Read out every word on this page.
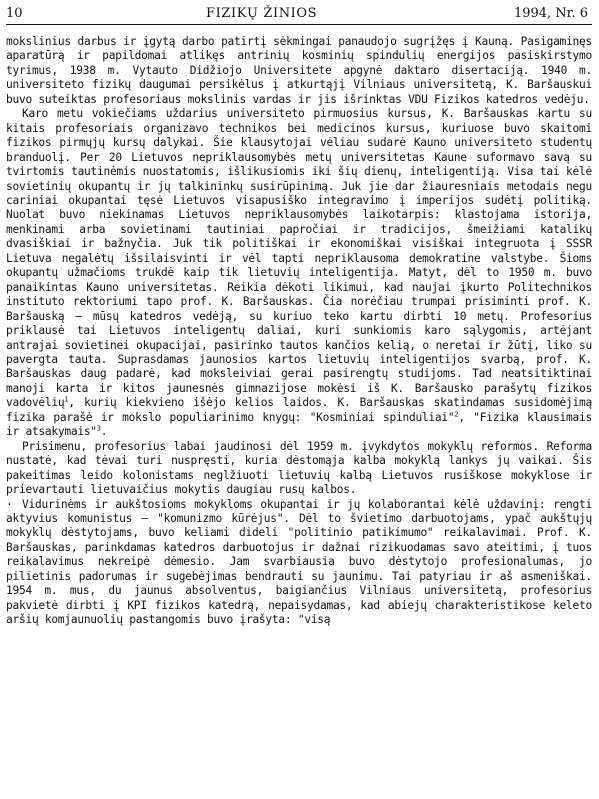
10	FIZIKŲ ŽINIOS	1994, Nr. 6

mokslinius darbus ir įgytą darbo patirtį sėkmingai panaudojo sugrįžęs į Kauną. Pasigaminęs aparatūrą ir papildomai atlikęs antrinių kosminių spindulių energijos pasiskirstymo tyrimus, 1938 m. Vytauto Didžiojo Universitete apgynė daktaro disertaciją. 1940 m. universiteto fizikų daugumai persikėlus į atkurtąjį Vilniaus universitetą, K. Baršauskui buvo suteiktas profesoriaus mokslinis vardas ir jis išrinktas VDU Fizikos katedros vedėju.

Karo metu vokiečiams uždarius universiteto pirmuosius kursus, K. Baršauskas kartu su kitais profesoriais organizavo technikos bei medicinos kursus, kuriuose buvo skaitomi fizikos pirmųjų kursų dalykai. Šie klausytojai vėliau sudarė Kauno universiteto studentų branduolį. Per 20 Lietuvos nepriklausomybės metų universitetas Kaune suformavo savą su tvirtomis tautinėmis nuostatomis, išlikusiomis iki šių dienų, inteligentiją. Visa tai kėlė sovietinių okupantų ir jų talkininkų susirūpinimą. Juk jie dar žiauresniais metodais negu cariniai okupantai tęsė Lietuvos visapusiško integravimo į imperijos sudėtį politiką. Nuolat buvo niekinamas Lietuvos nepriklausomybės laikotarpis: klastojama istorija, menkinami arba sovietinami tautiniai papročiai ir tradicijos, šmeižiami katalikų dvasiškiai ir bažnyčia. Juk tik politiškai ir ekonomiškai visiškai integruota į SSSR Lietuva negalėtų išsilaisvinti ir vėl tapti nepriklausoma demokratine valstybe. Šioms okupantų užmačioms trukdė kaip tik lietuvių inteligentija. Matyt, dėl to 1950 m. buvo panaikintas Kauno universitetas. Reikia dėkoti likimui, kad naujai įkurto Politechnikos instituto rektoriumi tapo prof. K. Baršauskas. Čia norėčiau trumpai prisiminti prof. K. Baršauską – mūsų katedros vedėją, su kuriuo teko kartu dirbti 10 metų. Profesorius priklausė tai Lietuvos inteligentų daliai, kuri sunkiomis karo sąlygomis, artėjant antrajai sovietinei okupacijai, pasirinko tautos kančios kelią, o neretai ir žūtį, liko su pavergta tauta. Suprasdamas jaunosios kartos lietuvių inteligentijos svarbą, prof. K. Baršauskas daug padarė, kad moksleiviai gerai pasirengtų studijoms. Tad neatsitiktinai manoji karta ir kitos jaunesnės gimnazijose mokėsi iš K. Baršausko parašytų fizikos vadovėlių$^1$, kurių kiekvieno išėjo kelios laidos. K. Baršauskas skatindamas susidomėjimą fizika parašė ir mokslo populiarinimo knygų: "Kosminiai spinduliai"$^2$, "Fizika klausimais ir atsakymais"$^3$.

Prisimenu, profesorius labai jaudinosi dėl 1959 m. įvykdytos mokyklų reformos. Reforma nustatė, kad tėvai turi nuspręsti, kuria dėstomąja kalba mokyklą lankys jų vaikai. Šis pakeitimas leido kolonistams neglžiuoti lietuvių kalbą Lietuvos rusiškose mokyklose ir prievartauti lietuvaičius mokytis daugiau rusų kalbos.

· Vidurinėms ir aukštosioms mokykloms okupantai ir jų kolaborantai kėlė uždavinį: rengti aktyvius komunistus – "komunizmo kūrėjus". Dėl to švietimo darbuotojams, ypač aukštųjų mokyklų dėstytojams, buvo keliami dideli "politinio patikimumo" reikalavimai. Prof. K. Baršauskas, parinkdamas katedros darbuotojus ir dažnai rizikuodamas savo ateitimi, į tuos reikalavimus nekreipė dėmesio. Jam svarbiausia buvo dėstytojo profesionalumas, jo pilietinis padorumas ir sugebėjimas bendrauti su jaunimu. Tai patyriau ir aš asmeniškai. 1954 m. mus, du jaunus absolventus, baigiančius Vilniaus universitetą, profesorius pakvietė dirbti į KPI fizikos katedrą, nepaisydamas, kad abiejų charakteristikose keleto aršių komjaunuolių pastangomis buvo įrašyta: "visą
